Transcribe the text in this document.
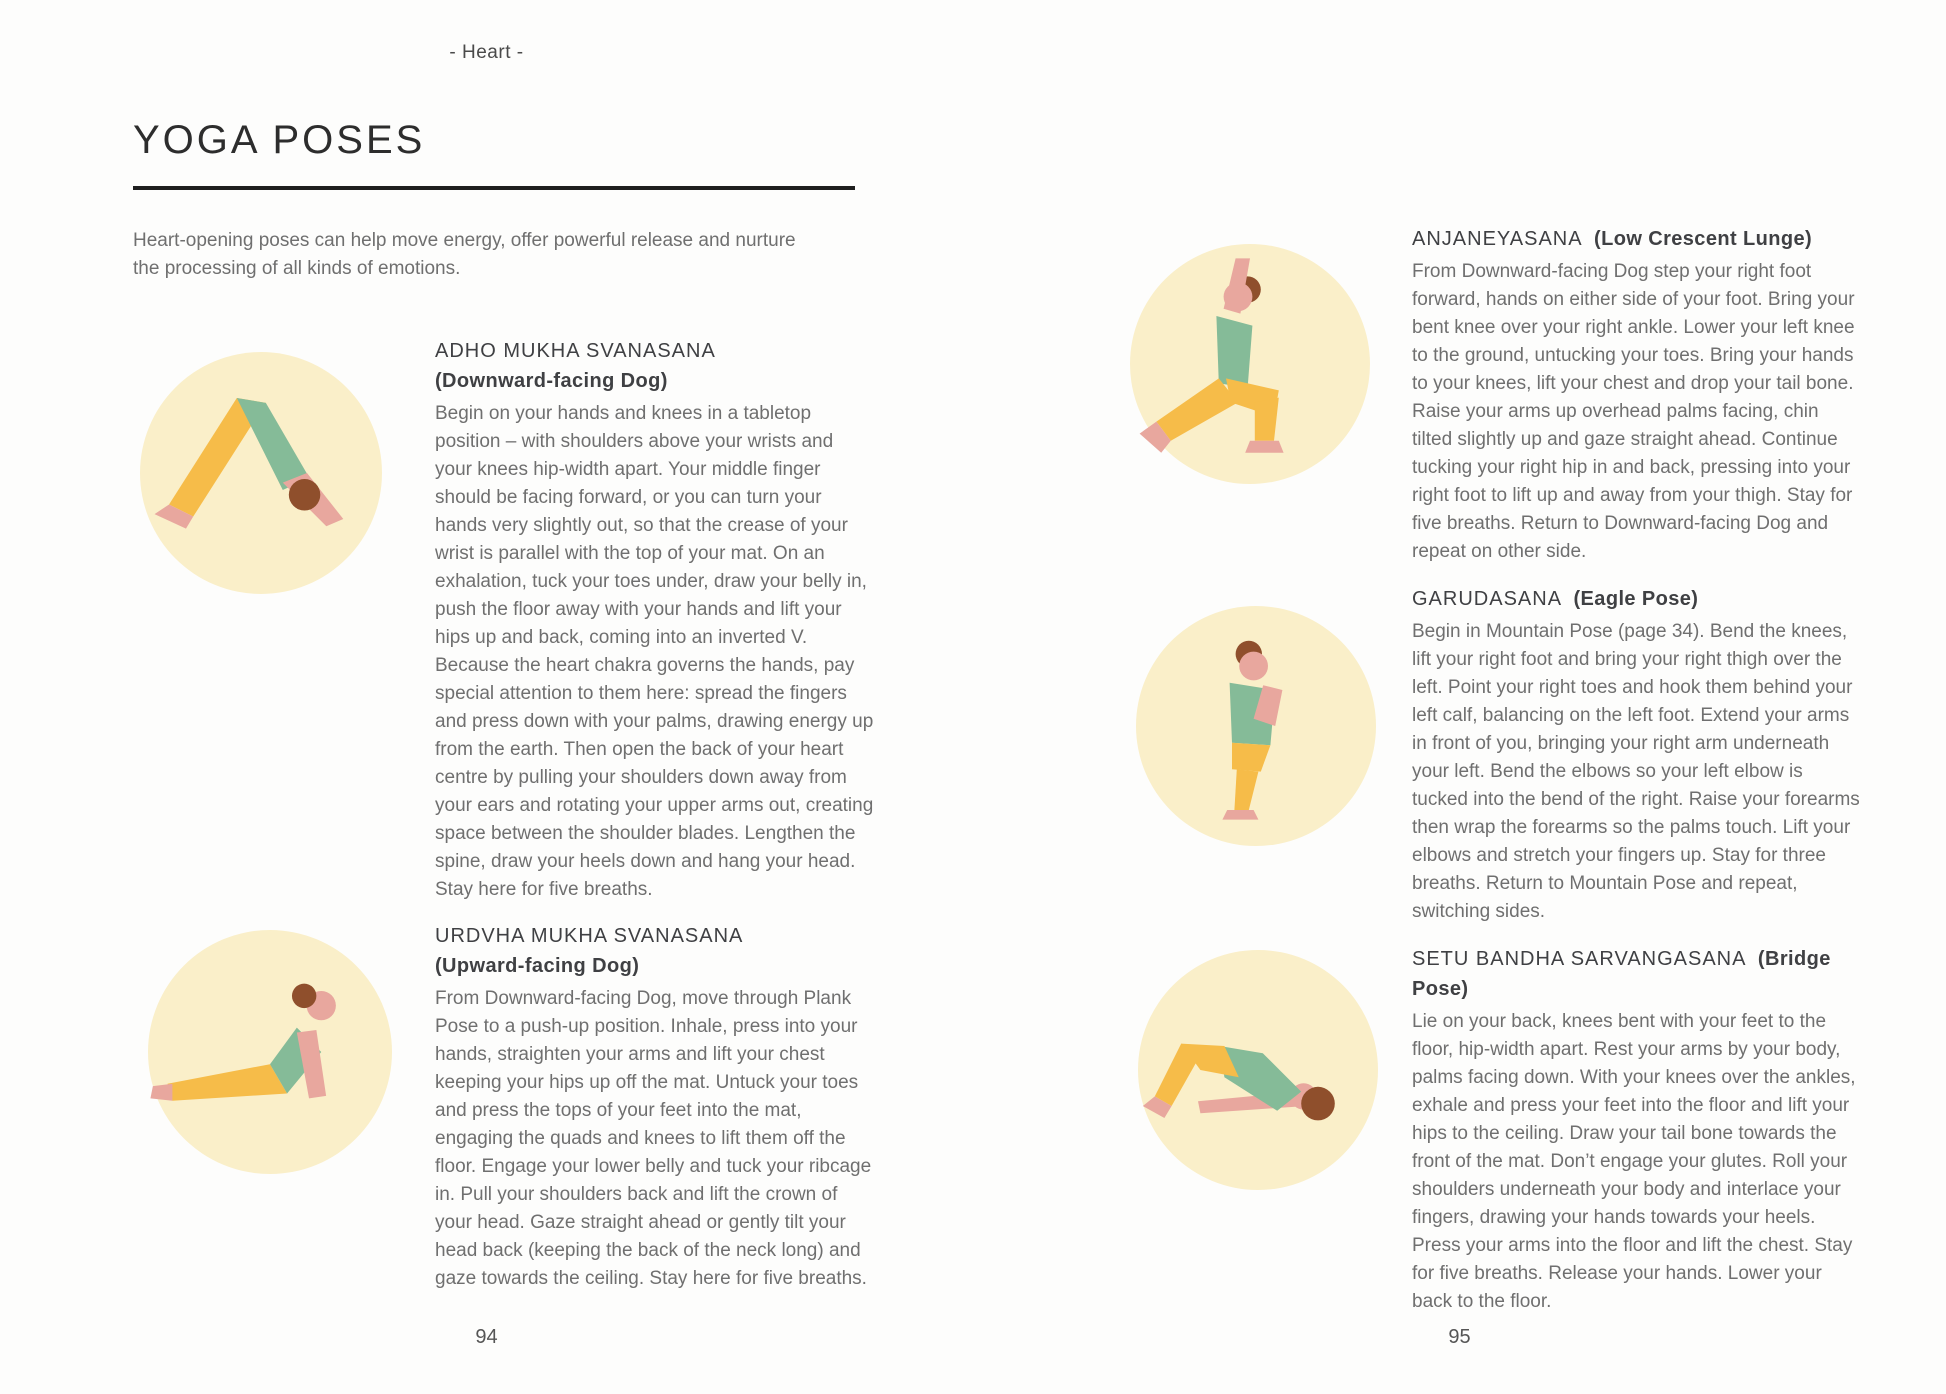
- Heart -
YOGA POSES

Heart-opening poses can help move energy, offer powerful release and nurture the processing of all kinds of emotions.

ADHO MUKHA SVANASANA
(Downward-facing Dog)

Begin on your hands and knees in a tabletop position – with shoulders above your wrists and your knees hip-width apart. Your middle finger should be facing forward, or you can turn your hands very slightly out, so that the crease of your wrist is parallel with the top of your mat. On an exhalation, tuck your toes under, draw your belly in, push the floor away with your hands and lift your hips up and back, coming into an inverted V. Because the heart chakra governs the hands, pay special attention to them here: spread the fingers and press down with your palms, drawing energy up from the earth. Then open the back of your heart centre by pulling your shoulders down away from your ears and rotating your upper arms out, creating space between the shoulder blades. Lengthen the spine, draw your heels down and hang your head. Stay here for five breaths.

URDVHA MUKHA SVANASANA
(Upward-facing Dog)

From Downward-facing Dog, move through Plank Pose to a push-up position. Inhale, press into your hands, straighten your arms and lift your chest keeping your hips up off the mat. Untuck your toes and press the tops of your feet into the mat, engaging the quads and knees to lift them off the floor. Engage your lower belly and tuck your ribcage in. Pull your shoulders back and lift the crown of your head. Gaze straight ahead or gently tilt your head back (keeping the back of the neck long) and gaze towards the ceiling. Stay here for five breaths.

ANJANEYASANA (Low Crescent Lunge)

From Downward-facing Dog step your right foot forward, hands on either side of your foot. Bring your bent knee over your right ankle. Lower your left knee to the ground, untucking your toes. Bring your hands to your knees, lift your chest and drop your tail bone. Raise your arms up overhead palms facing, chin tilted slightly up and gaze straight ahead. Continue tucking your right hip in and back, pressing into your right foot to lift up and away from your thigh. Stay for five breaths. Return to Downward-facing Dog and repeat on other side.

GARUDASANA (Eagle Pose)

Begin in Mountain Pose (page 34). Bend the knees, lift your right foot and bring your right thigh over the left. Point your right toes and hook them behind your left calf, balancing on the left foot. Extend your arms in front of you, bringing your right arm underneath your left. Bend the elbows so your left elbow is tucked into the bend of the right. Raise your forearms then wrap the forearms so the palms touch. Lift your elbows and stretch your fingers up. Stay for three breaths. Return to Mountain Pose and repeat, switching sides.

SETU BANDHA SARVANGASANA (Bridge Pose)

Lie on your back, knees bent with your feet to the floor, hip-width apart. Rest your arms by your body, palms facing down. With your knees over the ankles, exhale and press your feet into the floor and lift your hips to the ceiling. Draw your tail bone towards the front of the mat. Don’t engage your glutes. Roll your shoulders underneath your body and interlace your fingers, drawing your hands towards your heels. Press your arms into the floor and lift the chest. Stay for five breaths. Release your hands. Lower your back to the floor.

94	95
